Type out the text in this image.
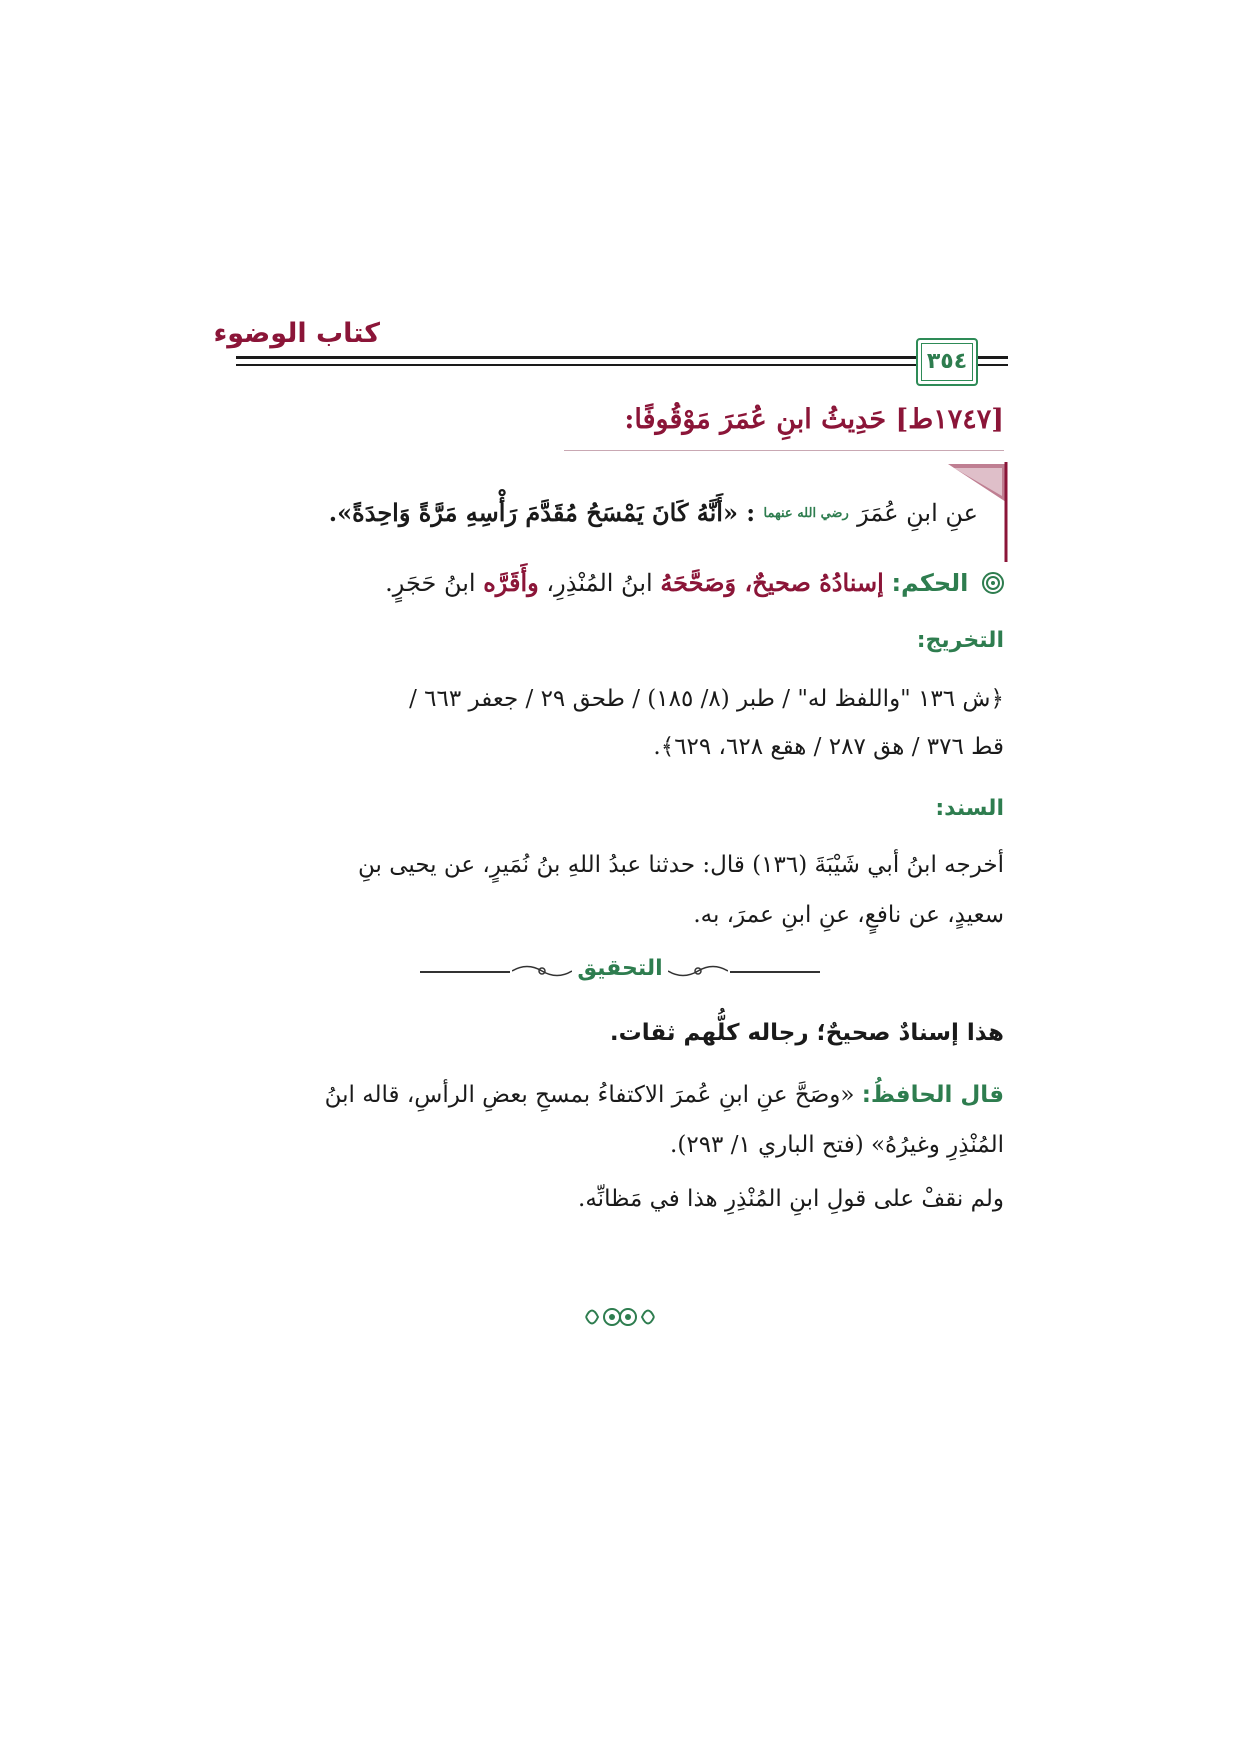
كتاب الوضوء
٣٥٤
[١٧٤٧ط] حَدِيثُ ابنِ عُمَرَ مَوْقُوفًا:
عنِ ابنِ عُمَرَ رضي الله عنهما : «أَنَّهُ كَانَ يَمْسَحُ مُقَدَّمَ رَأْسِهِ مَرَّةً وَاحِدَةً».
الحكم: إسنادُهُ صحيحٌ، وَصَحَّحَهُ ابنُ المُنْذِرِ، وأَقَرَّه ابنُ حَجَرٍ.
التخريج:
﴿ش ١٣٦ "واللفظ له" / طبر (٨/ ١٨٥) / طحق ٢٩ / جعفر ٦٦٣ /
قط ٣٧٦ / هق ٢٨٧ / هقع ٦٢٨، ٦٢٩﴾.
السند:
أخرجه ابنُ أبي شَيْبَةَ (١٣٦) قال: حدثنا عبدُ اللهِ بنُ نُمَيرٍ، عن يحيى بنِ
سعيدٍ، عن نافعٍ، عنِ ابنِ عمرَ، به.
التحقيق
هذا إسنادٌ صحيحٌ؛ رجاله كلُّهم ثقات.
قال الحافظُ: «وصَحَّ عنِ ابنِ عُمرَ الاكتفاءُ بمسحِ بعضِ الرأسِ، قاله ابنُ
المُنْذِرِ وغيرُهُ» (فتح الباري ١/ ٢٩٣).
ولم نقفْ على قولِ ابنِ المُنْذِرِ هذا في مَظانِّه.
